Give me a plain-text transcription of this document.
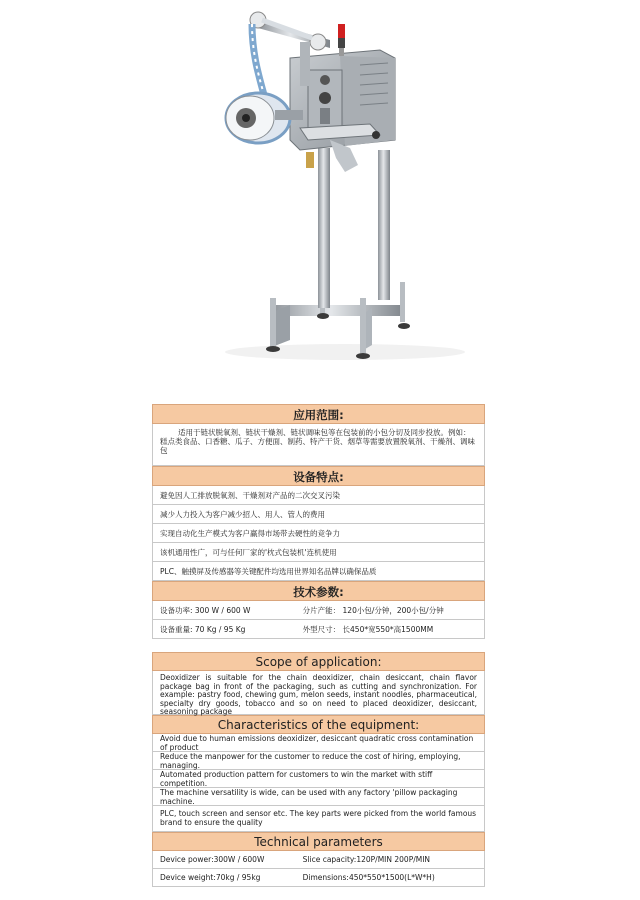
应用范围:
适用于链状脱氧剂、链状干燥剂、链状调味包等在包装前的小包分切及同步投放。例如：糕点类食品、口香糖、瓜子、方便面、制药、特产干货、烟草等需要放置脱氧剂、干燥剂、调味包
设备特点:
避免因人工排放脱氧剂、干燥剂对产品的二次交叉污染
减少人力投入为客户减少招人、用人、管人的费用
实现自动化生产模式为客户赢得市场带去硬性的竞争力
该机通用性广，可与任何厂家的'枕式包装机'连机使用
PLC、触摸屏及传感器等关键配件均选用世界知名品牌以确保品质
技术参数:
设备功率: 300 W / 600 W	分片产能： 120小包/分钟，200小包/分钟
设备重量: 70 Kg / 95 Kg	外型尺寸： 长450*宽550*高1500MM
Scope of application:
Deoxidizer is suitable for the chain deoxidizer, chain desiccant, chain flavor package bag in front of the packaging, such as cutting and synchronization. For example: pastry food, chewing gum, melon seeds, instant noodles, pharmaceutical, specialty dry goods, tobacco and so on need to placed deoxidizer, desiccant, seasoning package
Characteristics of the equipment:
Avoid due to human emissions deoxidizer, desiccant quadratic cross contamination of product
Reduce the manpower for the customer to reduce the cost of hiring, employing, managing.
Automated production pattern for customers to win the market with stiff competition.
The machine versatility is wide, can be used with any factory 'pillow packaging machine.
PLC, touch screen and sensor etc. The key parts were picked from the world famous brand to ensure the quality
Technical parameters
Device power:300W / 600W	Slice capacity:120P/MIN 200P/MIN
Device weight:70kg / 95kg	Dimensions:450*550*1500(L*W*H)
